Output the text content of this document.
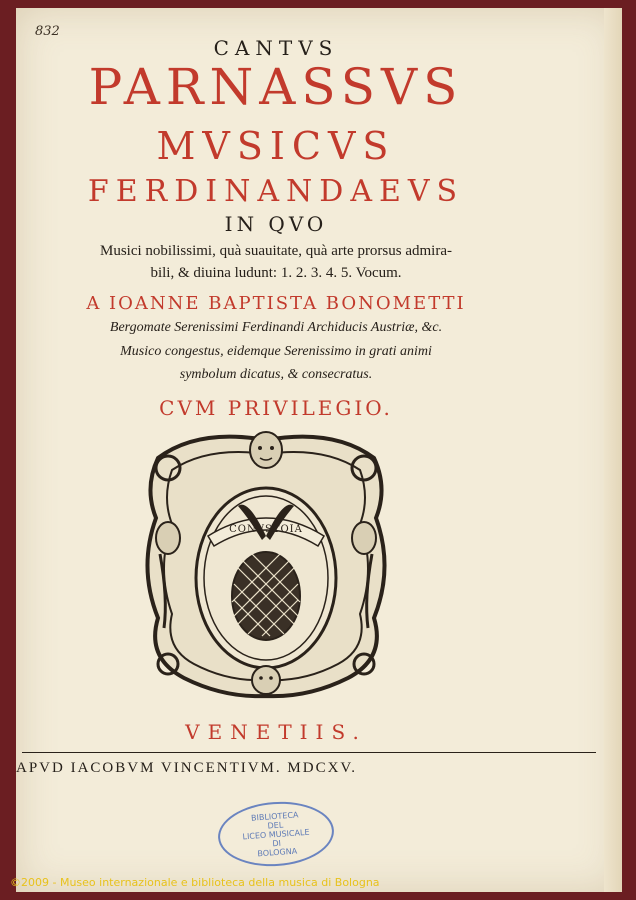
832
CANTVS
PARNASSVS
MVSICVS
FERDINANDAEVS
IN QVO
Musici nobilissimi, quà suauitate, quà arte prorsus admira-
bili, & diuina ludunt: 1. 2. 3. 4. 5. Vocum.
A IOANNE BAPTISTA BONOMETTI
Bergomate Serenissimi Ferdinandi Archiducis Austriæ, &c.
Musico congestus, eidemque Serenissimo in grati animi
symbolum dicatus, & consecratus.
CVM PRIVILEGIO.
CONVSTOIA
VENETIIS.
APVD IACOBVM VINCENTIVM. MDCXV.
BIBLIOTECA
DEL
LICEO MUSICALE
DI
BOLOGNA
©2009 - Museo internazionale e biblioteca della musica di Bologna
